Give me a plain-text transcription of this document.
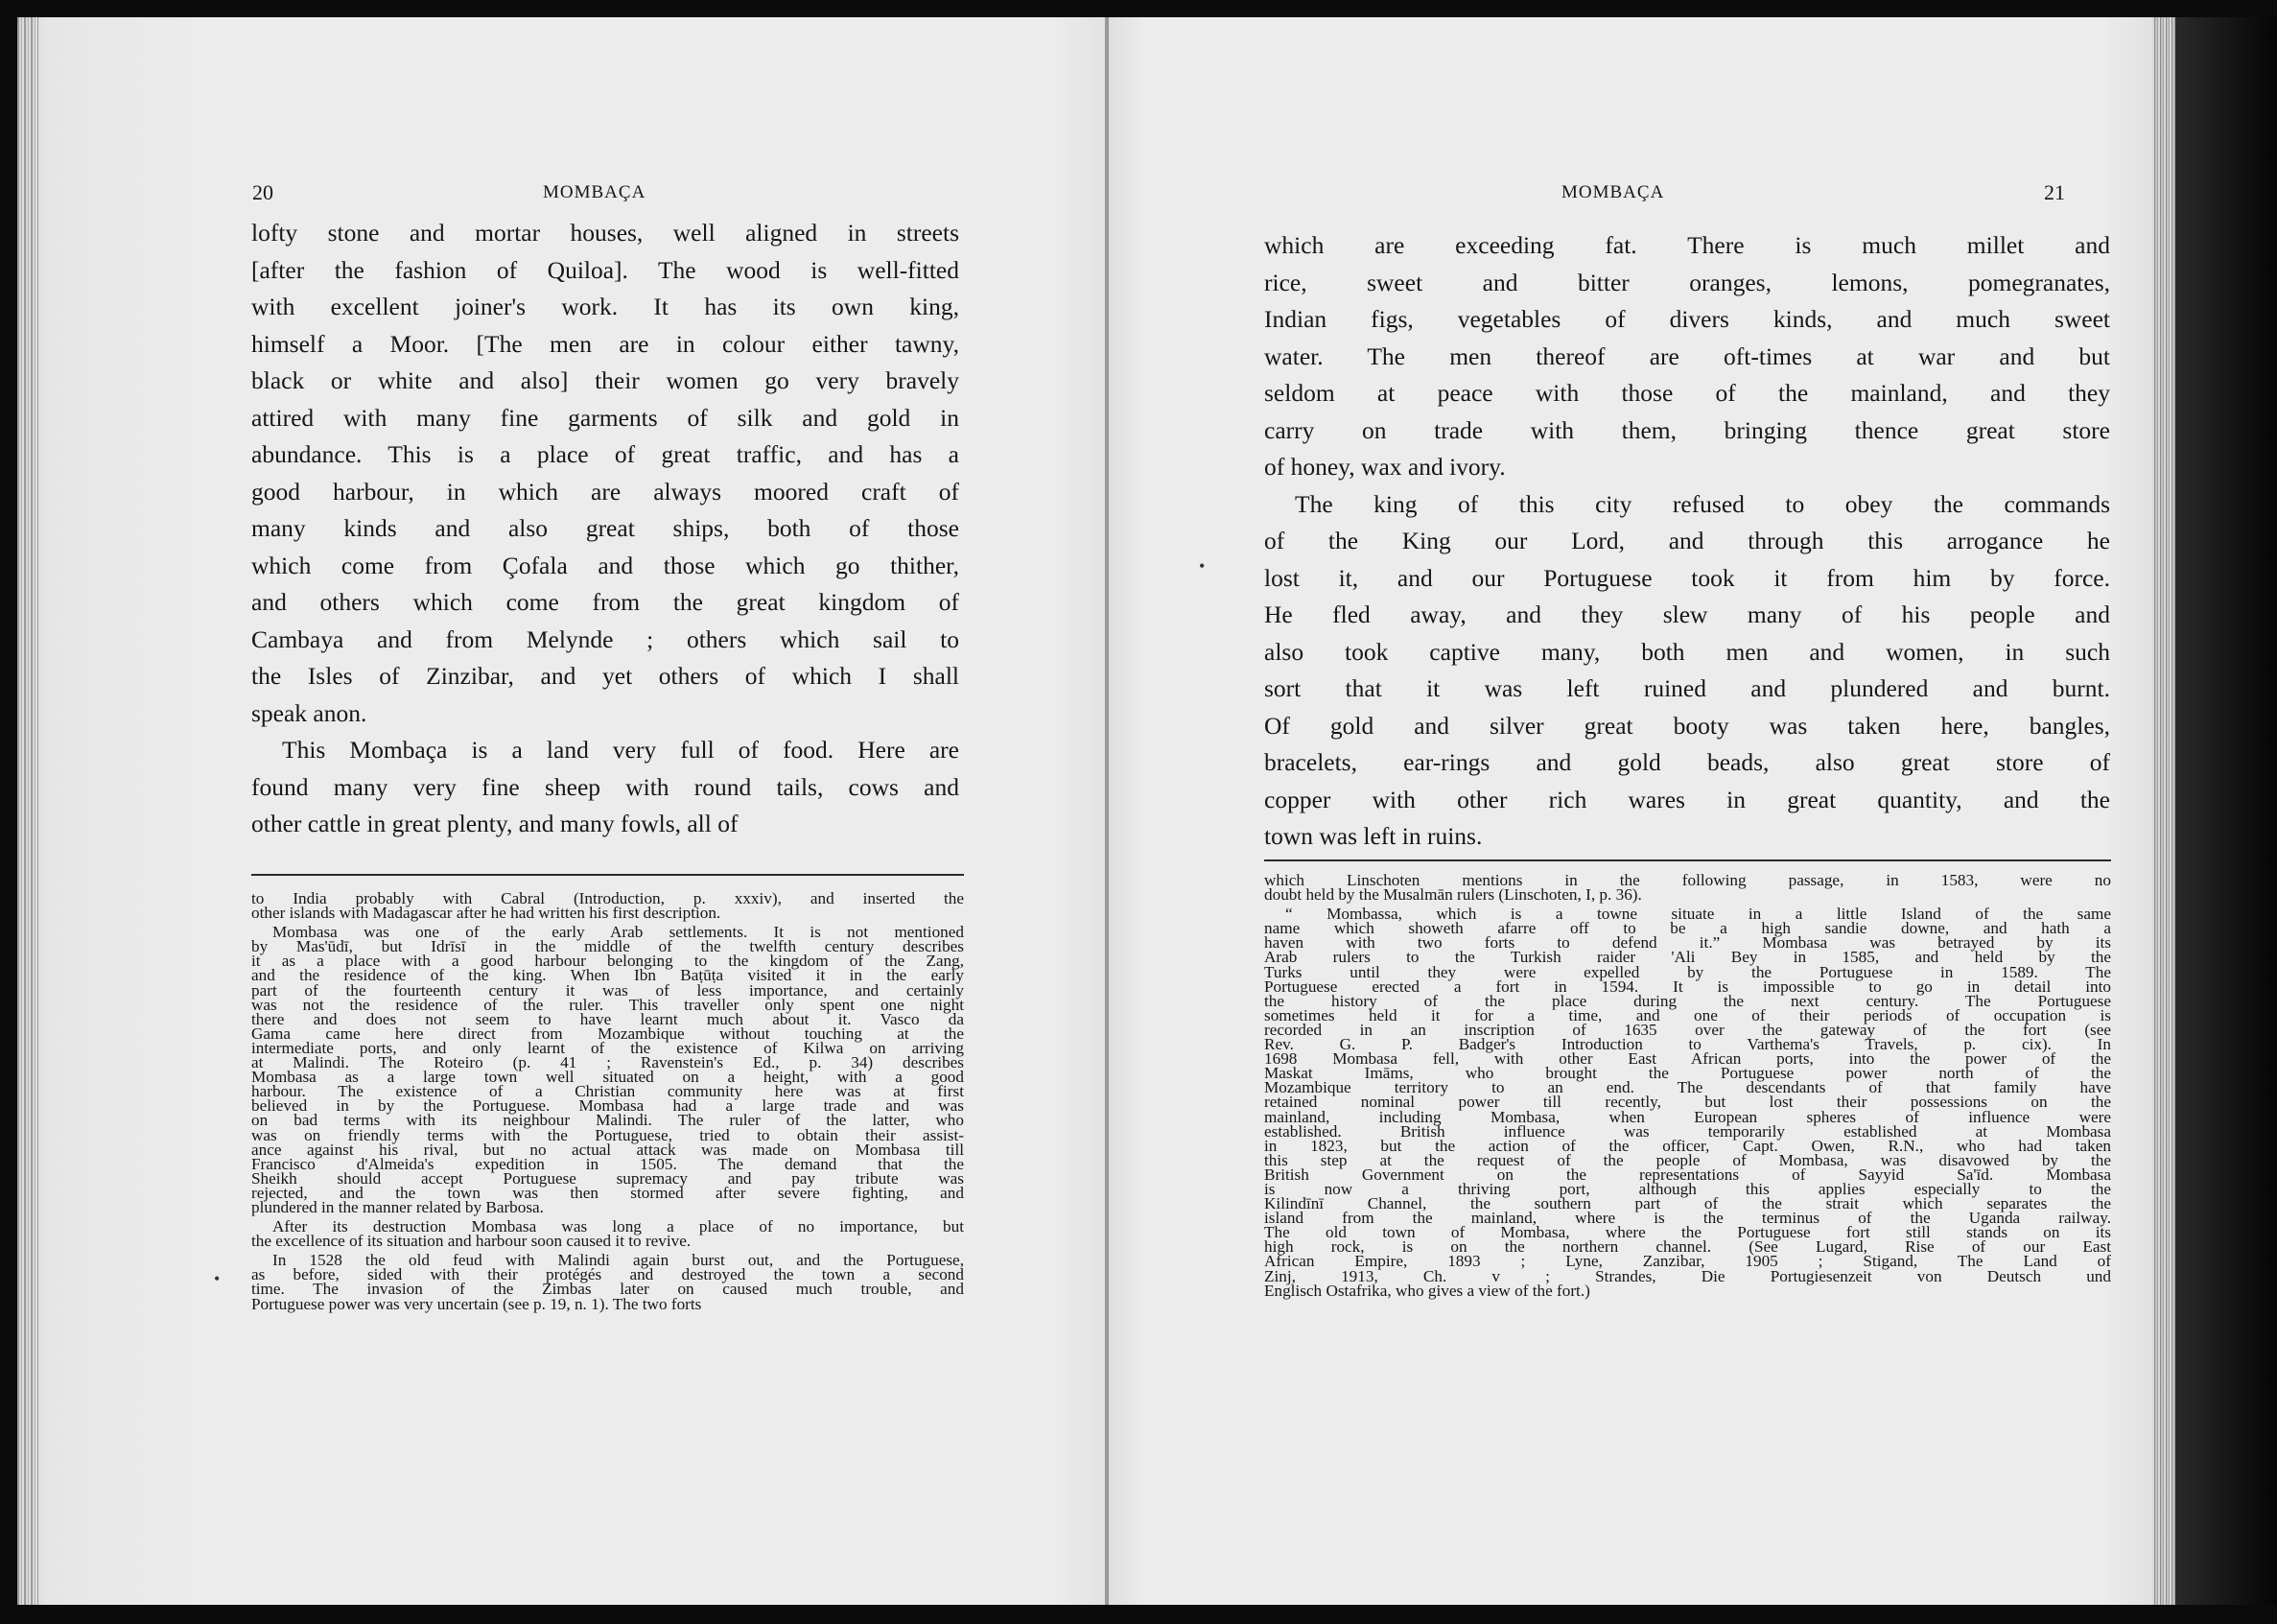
20	MOMBAÇA
lofty stone and mortar houses, well aligned in streets
[after the fashion of Quiloa]. The wood is well-fitted
with excellent joiner's work. It has its own king,
himself a Moor. [The men are in colour either tawny,
black or white and also] their women go very bravely
attired with many fine garments of silk and gold in
abundance. This is a place of great traffic, and has a
good harbour, in which are always moored craft of
many kinds and also great ships, both of those
which come from Çofala and those which go thither,
and others which come from the great kingdom of
Cambaya and from Melynde ; others which sail to
the Isles of Zinzibar, and yet others of which I shall
speak anon.
This Mombaça is a land very full of food. Here are
found many very fine sheep with round tails, cows and
other cattle in great plenty, and many fowls, all of
to India probably with Cabral (Introduction, p. xxxiv), and inserted the
other islands with Madagascar after he had written his first description.
Mombasa was one of the early Arab settlements. It is not mentioned
by Mas'ūdī, but Idrīsī in the middle of the twelfth century describes
it as a place with a good harbour belonging to the kingdom of the Zang,
and the residence of the king. When Ibn Baṭūṭa visited it in the early
part of the fourteenth century it was of less importance, and certainly
was not the residence of the ruler. This traveller only spent one night
there and does not seem to have learnt much about it. Vasco da
Gama came here direct from Mozambique without touching at the
intermediate ports, and only learnt of the existence of Kilwa on arriving
at Malindi. The Roteiro (p. 41 ; Ravenstein's Ed., p. 34) describes
Mombasa as a large town well situated on a height, with a good
harbour. The existence of a Christian community here was at first
believed in by the Portuguese. Mombasa had a large trade and was
on bad terms with its neighbour Malindi. The ruler of the latter, who
was on friendly terms with the Portuguese, tried to obtain their assist-
ance against his rival, but no actual attack was made on Mombasa till
Francisco d'Almeida's expedition in 1505. The demand that the
Sheikh should accept Portuguese supremacy and pay tribute was
rejected, and the town was then stormed after severe fighting, and
plundered in the manner related by Barbosa.
After its destruction Mombasa was long a place of no importance, but
the excellence of its situation and harbour soon caused it to revive.
In 1528 the old feud with Malindi again burst out, and the Portuguese,
as before, sided with their protégés and destroyed the town a second
time. The invasion of the Zimbas later on caused much trouble, and
Portuguese power was very uncertain (see p. 19, n. 1). The two forts
•
MOMBAÇA	21
which are exceeding fat. There is much millet and
rice, sweet and bitter oranges, lemons, pomegranates,
Indian figs, vegetables of divers kinds, and much sweet
water. The men thereof are oft-times at war and but
seldom at peace with those of the mainland, and they
carry on trade with them, bringing thence great store
of honey, wax and ivory.
The king of this city refused to obey the commands
of the King our Lord, and through this arrogance he
lost it, and our Portuguese took it from him by force.
He fled away, and they slew many of his people and
also took captive many, both men and women, in such
sort that it was left ruined and plundered and burnt.
Of gold and silver great booty was taken here, bangles,
bracelets, ear-rings and gold beads, also great store of
copper with other rich wares in great quantity, and the
town was left in ruins.
which Linschoten mentions in the following passage, in 1583, were no
doubt held by the Musalmān rulers (Linschoten, I, p. 36).
“ Mombassa, which is a towne situate in a little Island of the same
name which showeth afarre off to be a high sandie downe, and hath a
haven with two forts to defend it.” Mombasa was betrayed by its
Arab rulers to the Turkish raider 'Ali Bey in 1585, and held by the
Turks until they were expelled by the Portuguese in 1589. The
Portuguese erected a fort in 1594. It is impossible to go in detail into
the history of the place during the next century. The Portuguese
sometimes held it for a time, and one of their periods of occupation is
recorded in an inscription of 1635 over the gateway of the fort (see
Rev. G. P. Badger's Introduction to Varthema's Travels, p. cix). In
1698 Mombasa fell, with other East African ports, into the power of the
Maskat Imāms, who brought the Portuguese power north of the
Mozambique territory to an end. The descendants of that family have
retained nominal power till recently, but lost their possessions on the
mainland, including Mombasa, when European spheres of influence were
established. British influence was temporarily established at Mombasa
in 1823, but the action of the officer, Capt. Owen, R.N., who had taken
this step at the request of the people of Mombasa, was disavowed by the
British Government on the representations of Sayyid Sa'īd. Mombasa
is now a thriving port, although this applies especially to the
Kilindīnī Channel, the southern part of the strait which separates the
island from the mainland, where is the terminus of the Uganda railway.
The old town of Mombasa, where the Portuguese fort still stands on its
high rock, is on the northern channel. (See Lugard, Rise of our East
African Empire, 1893 ; Lyne, Zanzibar, 1905 ; Stigand, The Land of
Zinj, 1913, Ch. v ; Strandes, Die Portugiesenzeit von Deutsch und
Englisch Ostafrika, who gives a view of the fort.)
•
